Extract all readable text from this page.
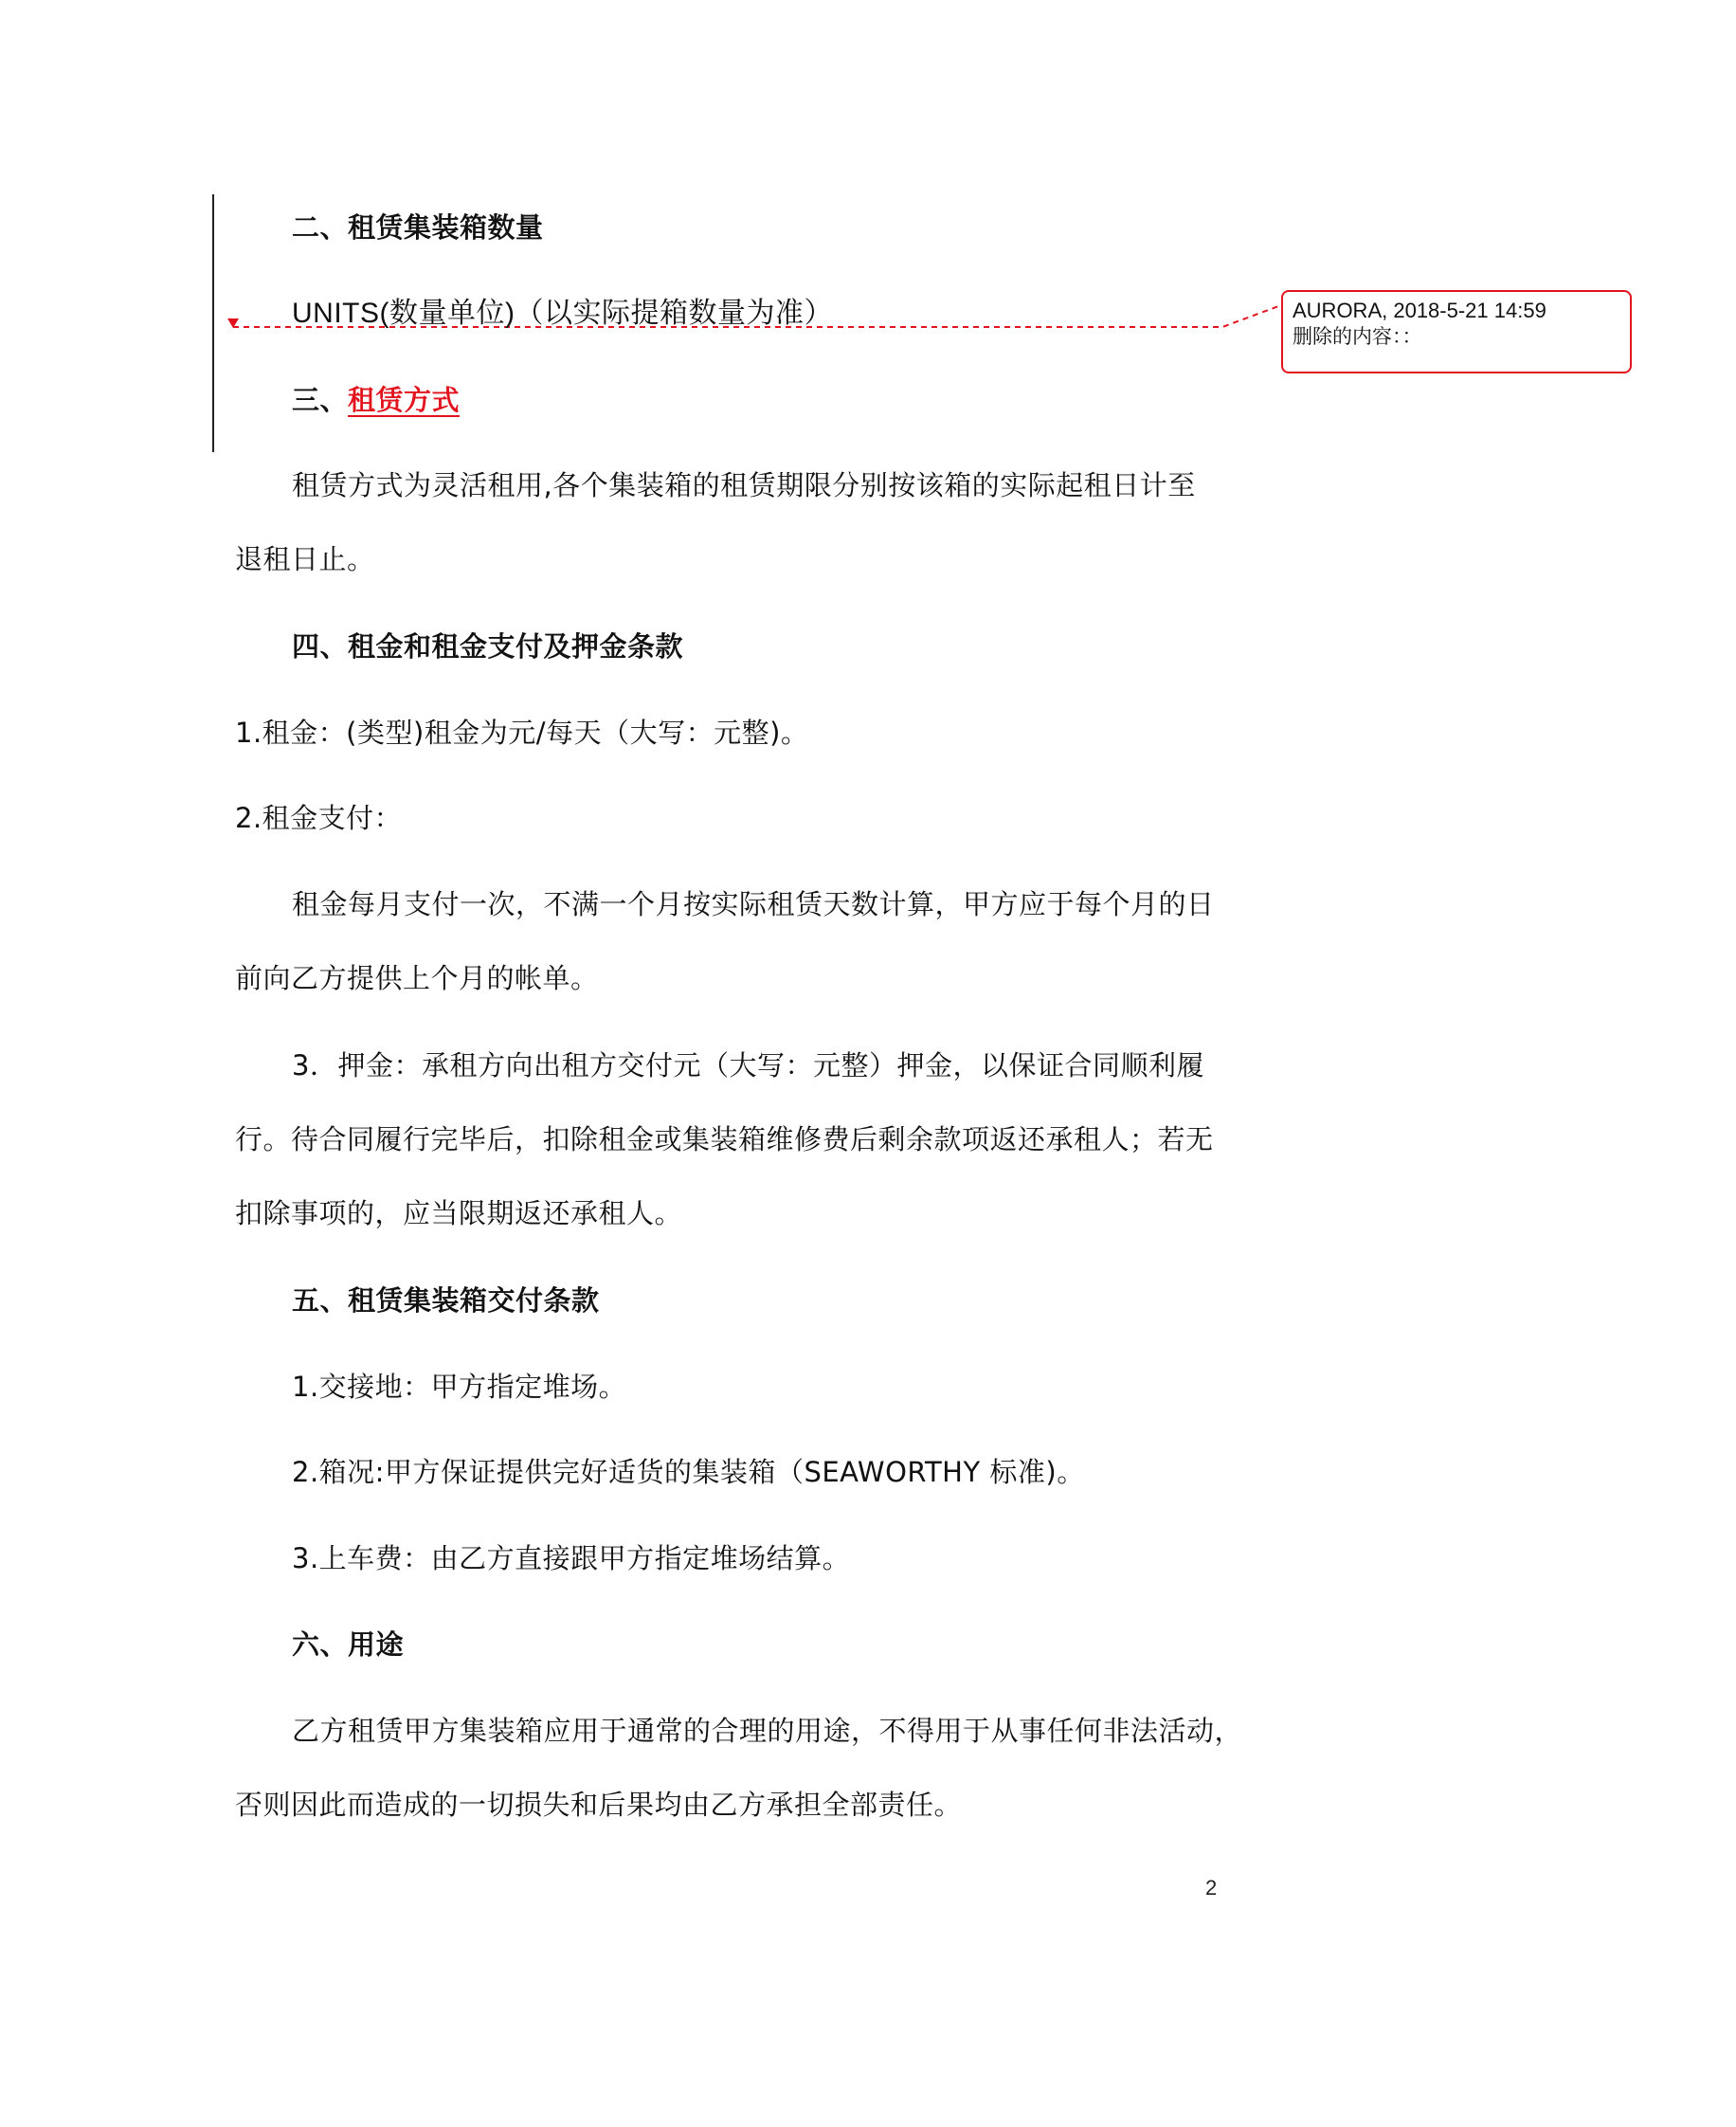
二、租赁集装箱数量
UNITS(数量单位)（以实际提箱数量为准）
三、租赁方式
租赁方式为灵活租用,各个集装箱的租赁期限分别按该箱的实际起租日计至
退租日止。
四、租金和租金支付及押金条款
1.租金：(类型)租金为元/每天（大写：元整)。
2.租金支付：
租金每月支付一次，不满一个月按实际租赁天数计算，甲方应于每个月的日
前向乙方提供上个月的帐单。
3．押金：承租方向出租方交付元（大写：元整）押金，以保证合同顺利履
行。待合同履行完毕后，扣除租金或集装箱维修费后剩余款项返还承租人；若无
扣除事项的，应当限期返还承租人。
五、租赁集装箱交付条款
1.交接地：甲方指定堆场。
2.箱况:甲方保证提供完好适货的集装箱（SEAWORTHY 标准)。
3.上车费：由乙方直接跟甲方指定堆场结算。
六、用途
乙方租赁甲方集装箱应用于通常的合理的用途，不得用于从事任何非法活动，
否则因此而造成的一切损失和后果均由乙方承担全部责任。
2
AURORA, 2018-5-21 14:59
删除的内容：：
